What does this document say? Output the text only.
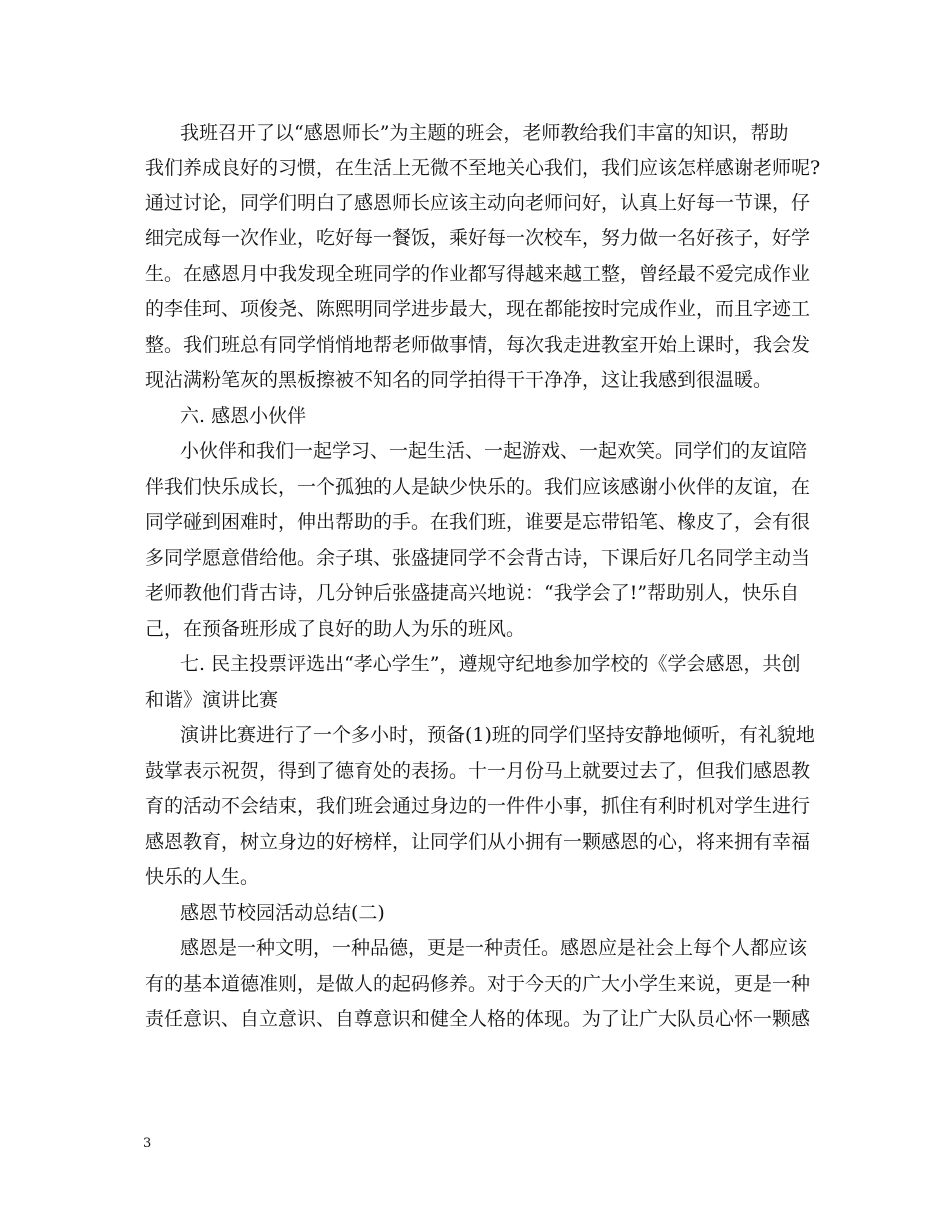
我班召开了以“感恩师长”为主题的班会，老师教给我们丰富的知识，帮助
我们养成良好的习惯，在生活上无微不至地关心我们，我们应该怎样感谢老师呢?
通过讨论，同学们明白了感恩师长应该主动向老师问好，认真上好每一节课，仔
细完成每一次作业，吃好每一餐饭，乘好每一次校车，努力做一名好孩子，好学
生。在感恩月中我发现全班同学的作业都写得越来越工整，曾经最不爱完成作业
的李佳珂、项俊尧、陈熙明同学进步最大，现在都能按时完成作业，而且字迹工
整。我们班总有同学悄悄地帮老师做事情，每次我走进教室开始上课时，我会发
现沾满粉笔灰的黑板擦被不知名的同学拍得干干净净，这让我感到很温暖。
六. 感恩小伙伴
小伙伴和我们一起学习、一起生活、一起游戏、一起欢笑。同学们的友谊陪
伴我们快乐成长，一个孤独的人是缺少快乐的。我们应该感谢小伙伴的友谊，在
同学碰到困难时，伸出帮助的手。在我们班，谁要是忘带铅笔、橡皮了，会有很
多同学愿意借给他。余子琪、张盛捷同学不会背古诗，下课后好几名同学主动当
老师教他们背古诗，几分钟后张盛捷高兴地说：“我学会了!”帮助别人，快乐自
己，在预备班形成了良好的助人为乐的班风。
七. 民主投票评选出“孝心学生”，遵规守纪地参加学校的《学会感恩，共创
和谐》演讲比赛
演讲比赛进行了一个多小时，预备(1)班的同学们坚持安静地倾听，有礼貌地
鼓掌表示祝贺，得到了德育处的表扬。十一月份马上就要过去了，但我们感恩教
育的活动不会结束，我们班会通过身边的一件件小事，抓住有利时机对学生进行
感恩教育，树立身边的好榜样，让同学们从小拥有一颗感恩的心，将来拥有幸福
快乐的人生。
感恩节校园活动总结(二)
感恩是一种文明，一种品德，更是一种责任。感恩应是社会上每个人都应该
有的基本道德准则，是做人的起码修养。对于今天的广大小学生来说，更是一种
责任意识、自立意识、自尊意识和健全人格的体现。为了让广大队员心怀一颗感
3
